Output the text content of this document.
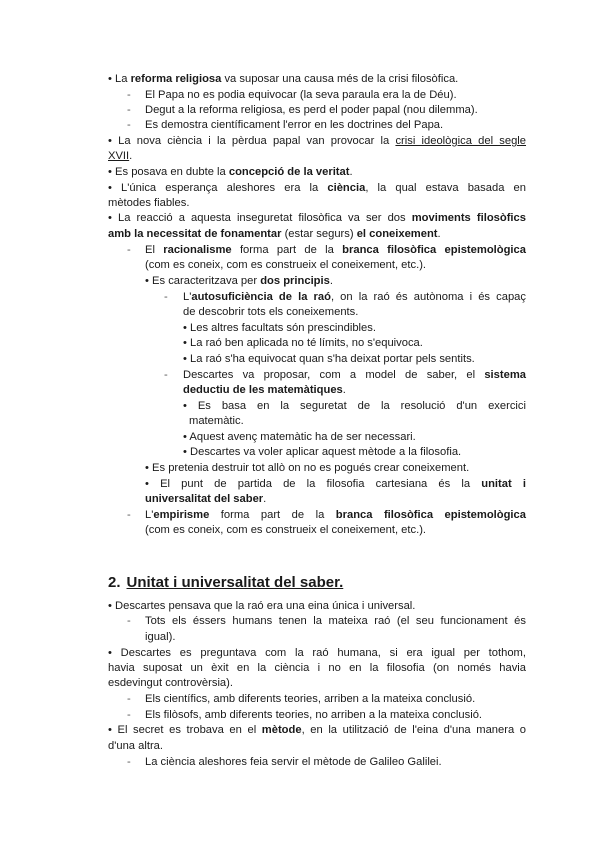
• La reforma religiosa va suposar una causa més de la crisi filosòfica.
- El Papa no es podia equivocar (la seva paraula era la de Déu).
- Degut a la reforma religiosa, es perd el poder papal (nou dilemma).
- Es demostra científicament l'error en les doctrines del Papa.
• La nova ciència i la pèrdua papal van provocar la crisi ideològica del segle
XVII.
• Es posava en dubte la concepció de la veritat.
• L'única esperança aleshores era la ciència, la qual estava basada en
mètodes fiables.
• La reacció a aquesta inseguretat filosòfica va ser dos moviments filosòfics
amb la necessitat de fonamentar (estar segurs) el coneixement.
- El racionalisme forma part de la branca filosòfica epistemològica
(com es coneix, com es construeix el coneixement, etc.).
• Es caracteritzava per dos principis.
- L'autosuficiència de la raó, on la raó és autònoma i és capaç
de descobrir tots els coneixements.
• Les altres facultats són prescindibles.
• La raó ben aplicada no té límits, no s'equivoca.
• La raó s'ha equivocat quan s'ha deixat portar pels sentits.
- Descartes va proposar, com a model de saber, el sistema
deductiu de les matemàtiques.
• Es basa en la seguretat de la resolució d'un exercici
matemàtic.
• Aquest avenç matemàtic ha de ser necessari.
• Descartes va voler aplicar aquest mètode a la filosofia.
• Es pretenia destruir tot allò on no es pogués crear coneixement.
• El punt de partida de la filosofia cartesiana és la unitat i
universalitat del saber.
- L'empirisme forma part de la branca filosòfica epistemològica
(com es coneix, com es construeix el coneixement, etc.).
2. Unitat i universalitat del saber.
• Descartes pensava que la raó era una eina única i universal.
- Tots els éssers humans tenen la mateixa raó (el seu funcionament és
igual).
• Descartes es preguntava com la raó humana, si era igual per tothom,
havia suposat un èxit en la ciència i no en la filosofia (on només havia
esdevingut controvèrsia).
- Els científics, amb diferents teories, arriben a la mateixa conclusió.
- Els filòsofs, amb diferents teories, no arriben a la mateixa conclusió.
• El secret es trobava en el mètode, en la utilització de l'eina d'una manera o
d'una altra.
- La ciència aleshores feia servir el mètode de Galileo Galilei.
